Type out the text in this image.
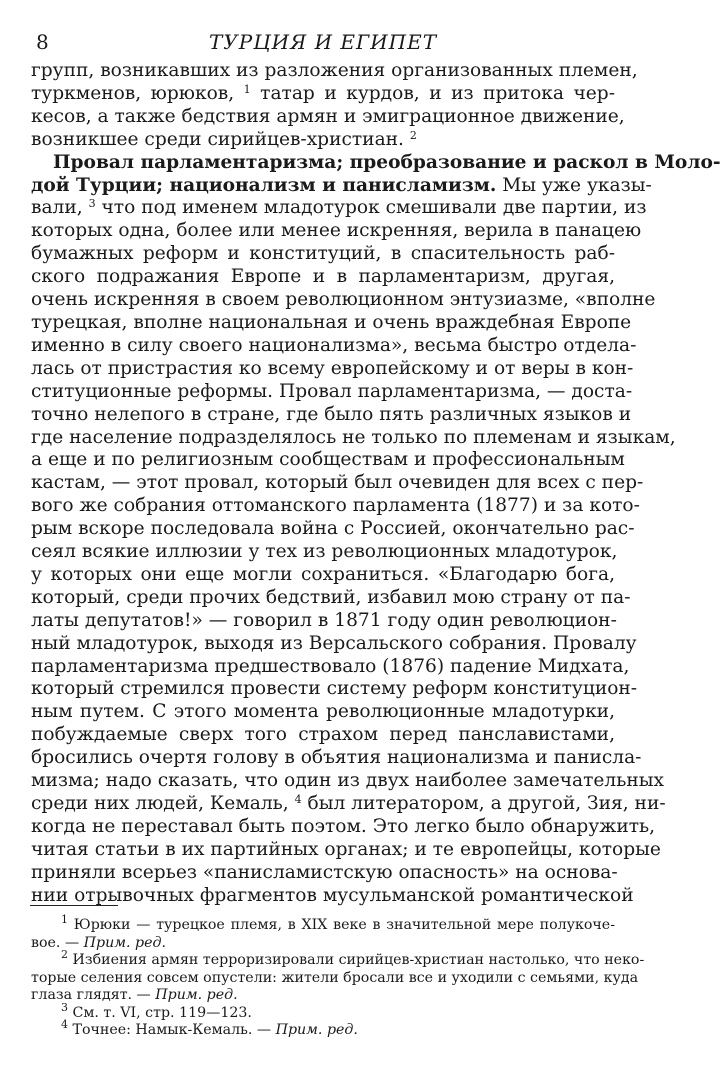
8	ТУРЦИЯ И ЕГИПЕТ
групп, возникавших из разложения организованных племен,
туркменов, юрюков, $^1$ татар и курдов, и из притока чер-
кесов, а также бедствия армян и эмиграционное движение,
возникшее среди сирийцев-христиан. $^2$
Провал парламентаризма; преобразование и раскол в Моло-
дой Турции; национализм и панисламизм. Мы уже указы-
вали, $^3$ что под именем младотурок смешивали две партии, из
которых одна, более или менее искренняя, верила в панацею
бумажных реформ и конституций, в спасительность раб-
ского подражания Европе и в парламентаризм, другая,
очень искренняя в своем революционном энтузиазме, «вполне
турецкая, вполне национальная и очень враждебная Европе
именно в силу своего национализма», весьма быстро отдела-
лась от пристрастия ко всему европейскому и от веры в кон-
ституционные реформы. Провал парламентаризма, — доста-
точно нелепого в стране, где было пять различных языков и
где население подразделялось не только по племенам и языкам,
а еще и по религиозным сообществам и профессиональным
кастам, — этот провал, который был очевиден для всех с пер-
вого же собрания оттоманского парламента (1877) и за кото-
рым вскоре последовала война с Россией, окончательно рас-
сеял всякие иллюзии у тех из революционных младотурок,
у которых они еще могли сохраниться. «Благодарю бога,
который, среди прочих бедствий, избавил мою страну от па-
латы депутатов!» — говорил в 1871 году один революцион-
ный младотурок, выходя из Версальского собрания. Провалу
парламентаризма предшествовало (1876) падение Мидхата,
который стремился провести систему реформ конституцион-
ным путем. С этого момента революционные младотурки,
побуждаемые сверх того страхом перед панславистами,
бросились очертя голову в объятия национализма и панисла-
мизма; надо сказать, что один из двух наиболее замечательных
среди них людей, Кемаль, $^4$ был литератором, а другой, Зия, ни-
когда не переставал быть поэтом. Это легко было обнаружить,
читая статьи в их партийных органах; и те европейцы, которые
приняли всерьез «панисламистскую опасность» на основа-
нии отрывочных фрагментов мусульманской романтической
$^1$ Юрюки — турецкое племя, в XIX веке в значительной мере полукоче-
вое. — Прим. ред.
$^2$ Избиения армян терроризировали сирийцев-христиан настолько, что неко-
торые селения совсем опустели: жители бросали все и уходили с семьями, куда
глаза глядят. — Прим. ред.
$^3$ См. т. VI, стр. 119—123.
$^4$ Точнее: Намык-Кемаль. — Прим. ред.
